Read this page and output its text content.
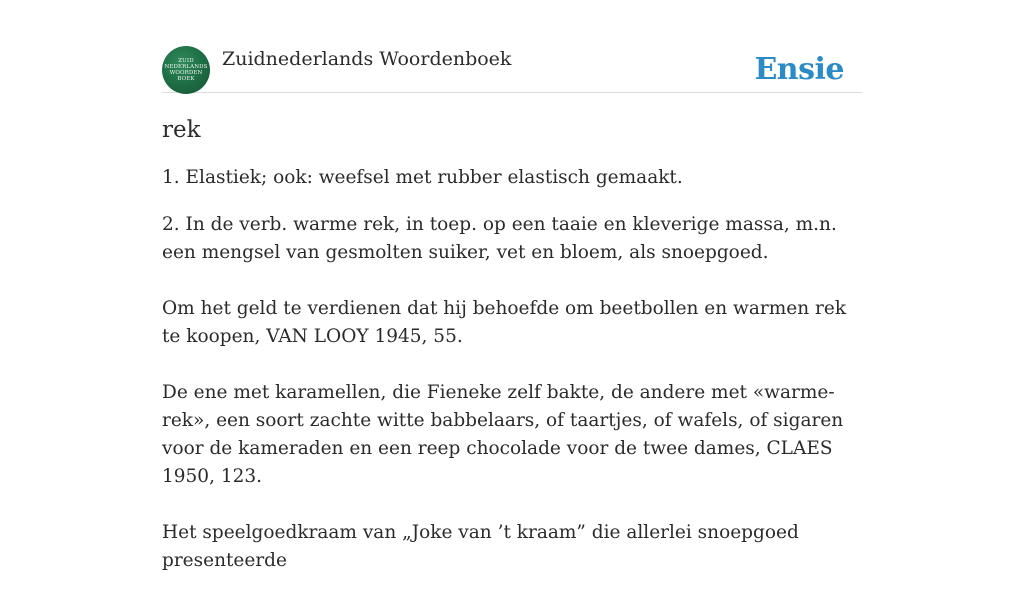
ZUID
NEDERLANDS
WOORDEN
BOEK
Zuidnederlands Woordenboek	Ensie
rek

1. Elastiek; ook: weefsel met rubber elastisch gemaakt.

2. In de verb. warme rek, in toep. op een taaie en kleverige massa, m.n. een mengsel van gesmolten suiker, vet en bloem, als snoepgoed.

Om het geld te verdienen dat hij behoefde om beetbollen en warmen rek te koopen, VAN LOOY 1945, 55.

De ene met karamellen, die Fieneke zelf bakte, de andere met «warme-rek», een soort zachte witte babbelaars, of taartjes, of wafels, of sigaren voor de kameraden en een reep chocolade voor de twee dames, CLAES 1950, 123.

Het speelgoedkraam van „Joke van ’t kraam” die allerlei snoepgoed presenteerde
